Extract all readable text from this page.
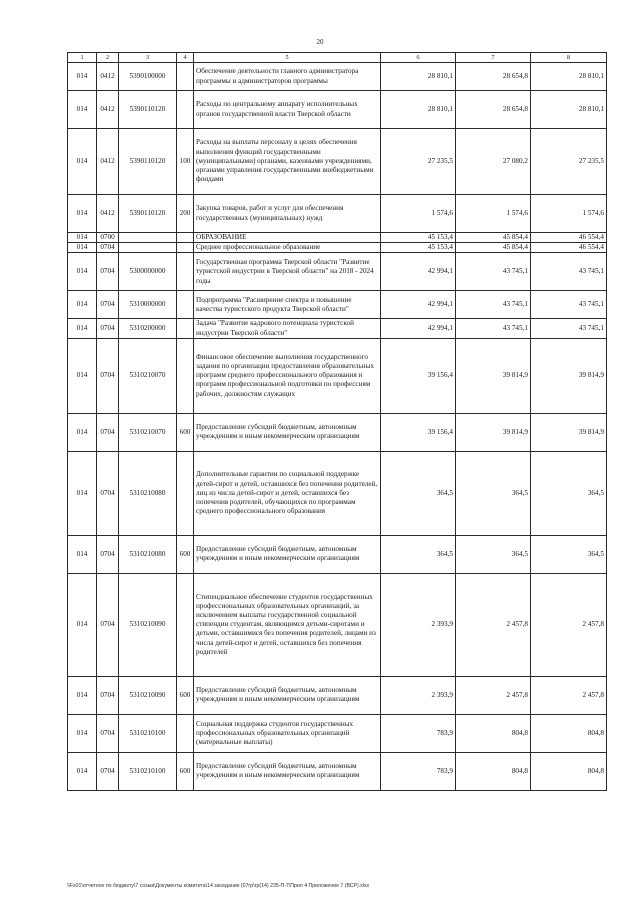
20
1	2	3	4	5	6	7	8
014	0412	5390100000		Обеспечение деятельности главного администратора программы и администраторов программы	28 810,1	28 654,8	28 810,1
014	0412	5390110120		Расходы по центральному аппарату исполнительных органов государственной власти Тверской области	28 810,1	28 654,8	28 810,1
014	0412	5390110120	100	Расходы на выплаты персоналу в целях обеспечения выполнения функций государственными (муниципальными) органами, казенными учреждениями, органами управления государственными внебюджетными фондами	27 235,5	27 080,2	27 235,5
014	0412	5390110120	200	Закупка товаров, работ и услуг для обеспечения государственных (муниципальных) нужд	1 574,6	1 574,6	1 574,6
014	0700			ОБРАЗОВАНИЕ	45 153,4	45 854,4	46 554,4
014	0704			Среднее профессиональное образование	45 153,4	45 854,4	46 554,4
014	0704	5300000000		Государственная программа Тверской области "Развитие туристской индустрии в Тверской области" на 2018 - 2024 годы	42 994,1	43 745,1	43 745,1
014	0704	5310000000		Подпрограмма "Расширение спектра и повышение качества туристского продукта Тверской области"	42 994,1	43 745,1	43 745,1
014	0704	5310200000		Задача "Развитие кадрового потенциала туристской индустрии Тверской области"	42 994,1	43 745,1	43 745,1
014	0704	5310210070		Финансовое обеспечение выполнения государственного задания по организации предоставления образовательных программ среднего профессионального образования и программ профессиональной подготовки по профессиям рабочих, должностям служащих	39 156,4	39 814,9	39 814,9
014	0704	5310210070	600	Предоставление субсидий бюджетным, автономным учреждениям и иным некоммерческим организациям	39 156,4	39 814,9	39 814,9
014	0704	5310210080		Дополнительные гарантии по социальной поддержке детей-сирот и детей, оставшихся без попечения родителей, лиц из числа детей-сирот и детей, оставшихся без попечения родителей, обучающихся по программам среднего профессионального образования	364,5	364,5	364,5
014	0704	5310210080	600	Предоставление субсидий бюджетным, автономным учреждениям и иным некоммерческим организациям	364,5	364,5	364,5
014	0704	5310210090		Стипендиальное обеспечение студентов государственных профессиональных образовательных организаций, за исключением выплаты государственной социальной стипендии студентам, являющимся детьми-сиротами и детьми, оставшимися без попечения родителей, лицами из числа детей-сирот и детей, оставшихся без попечения родителей	2 393,9	2 457,8	2 457,8
014	0704	5310210090	600	Предоставление субсидий бюджетным, автономным учреждениям и иным некоммерческим организациям	2 393,9	2 457,8	2 457,8
014	0704	5310210100		Социальная поддержка студентов государственных профессиональных образовательных организаций (материальные выплаты)	783,9	804,8	804,8
014	0704	5310210100	600	Предоставление субсидий бюджетным, автономным учреждениям и иным некоммерческим организациям	783,9	804,8	804,8
\\Fs01\отчетное по бюджету\7 созыв\Документы комитета\14 заседание (07гр\гр(14) 235-П-7\Прил 4 Приложение 7 (ВСР).xlsx
